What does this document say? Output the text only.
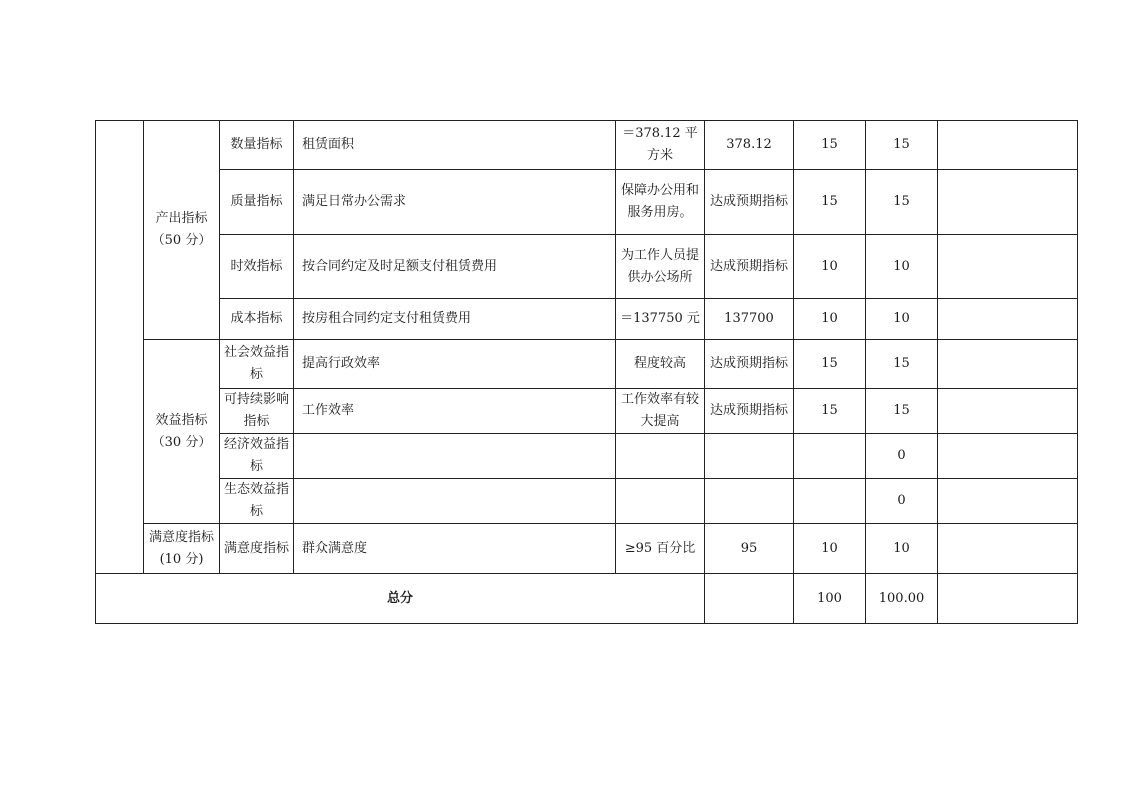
	产出指标（50 分）	数量指标	租赁面积	＝378.12 平方米	378.12	15	15	
		质量指标	满足日常办公需求	保障办公用和服务用房。	达成预期指标	15	15	
		时效指标	按合同约定及时足额支付租赁费用	为工作人员提供办公场所	达成预期指标	10	10	
		成本指标	按房租合同约定支付租赁费用	＝137750 元	137700	10	10	
	效益指标（30 分）	社会效益指标	提高行政效率	程度较高	达成预期指标	15	15	
		可持续影响指标	工作效率	工作效率有较大提高	达成预期指标	15	15	
		经济效益指标					0	
		生态效益指标					0	
	满意度指标(10 分)	满意度指标	群众满意度	≥95 百分比	95	10	10	
总分						100	100.00	
